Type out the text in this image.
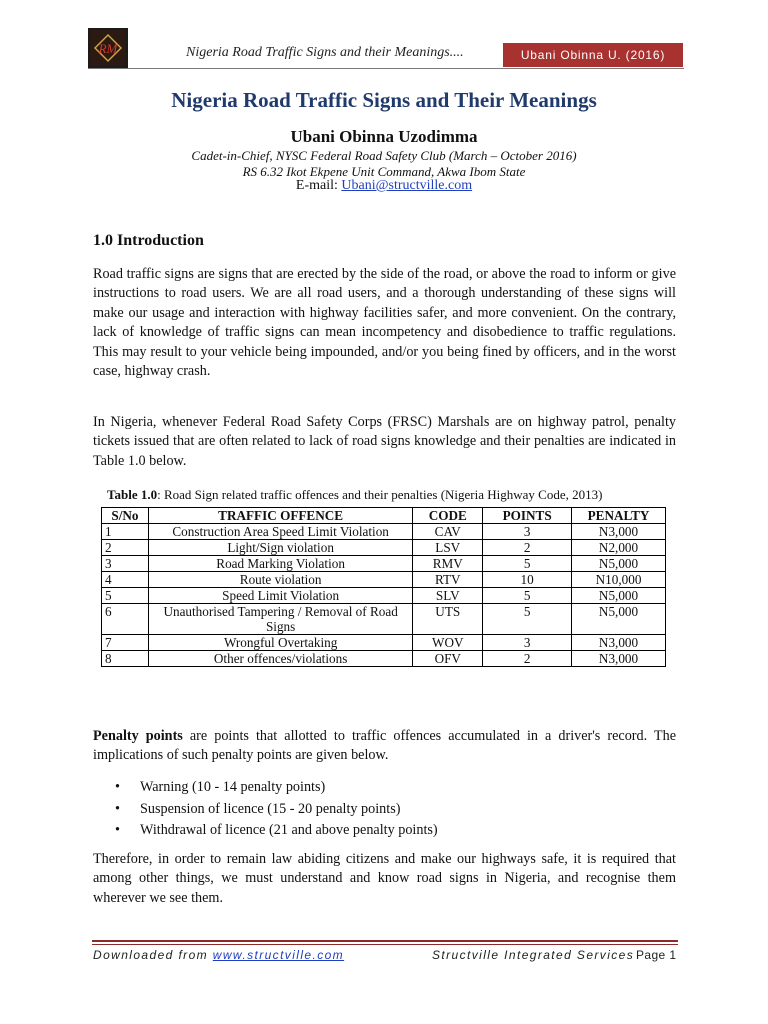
RM	Nigeria Road Traffic Signs and their Meanings....	Ubani Obinna U. (2016)
Nigeria Road Traffic Signs and Their Meanings
Ubani Obinna Uzodimma
Cadet-in-Chief, NYSC Federal Road Safety Club (March – October 2016)
RS 6.32 Ikot Ekpene Unit Command, Akwa Ibom State
E-mail: Ubani@structville.com
1.0 Introduction

Road traffic signs are signs that are erected by the side of the road, or above the road to inform or give instructions to road users. We are all road users, and a thorough understanding of these signs will make our usage and interaction with highway facilities safer, and more convenient. On the contrary, lack of knowledge of traffic signs can mean incompetency and disobedience to traffic regulations. This may result to your vehicle being impounded, and/or you being fined by officers, and in the worst case, highway crash.

In Nigeria, whenever Federal Road Safety Corps (FRSC) Marshals are on highway patrol, penalty tickets issued that are often related to lack of road signs knowledge and their penalties are indicated in Table 1.0 below.

Table 1.0: Road Sign related traffic offences and their penalties (Nigeria Highway Code, 2013)
S/No	TRAFFIC OFFENCE	CODE	POINTS	PENALTY
1	Construction Area Speed Limit Violation	CAV	3	N3,000
2	Light/Sign violation	LSV	2	N2,000
3	Road Marking Violation	RMV	5	N5,000
4	Route violation	RTV	10	N10,000
5	Speed Limit Violation	SLV	5	N5,000
6	Unauthorised Tampering / Removal of Road Signs	UTS	5	N5,000
7	Wrongful Overtaking	WOV	3	N3,000
8	Other offences/violations	OFV	2	N3,000

Penalty points are points that allotted to traffic offences accumulated in a driver's record. The implications of such penalty points are given below.

• Warning (10 - 14 penalty points)
• Suspension of licence (15 - 20 penalty points)
• Withdrawal of licence (21 and above penalty points)

Therefore, in order to remain law abiding citizens and make our highways safe, it is required that among other things, we must understand and know road signs in Nigeria, and recognise them wherever we see them.

Downloaded from www.structville.com	Structville Integrated Services Page 1
